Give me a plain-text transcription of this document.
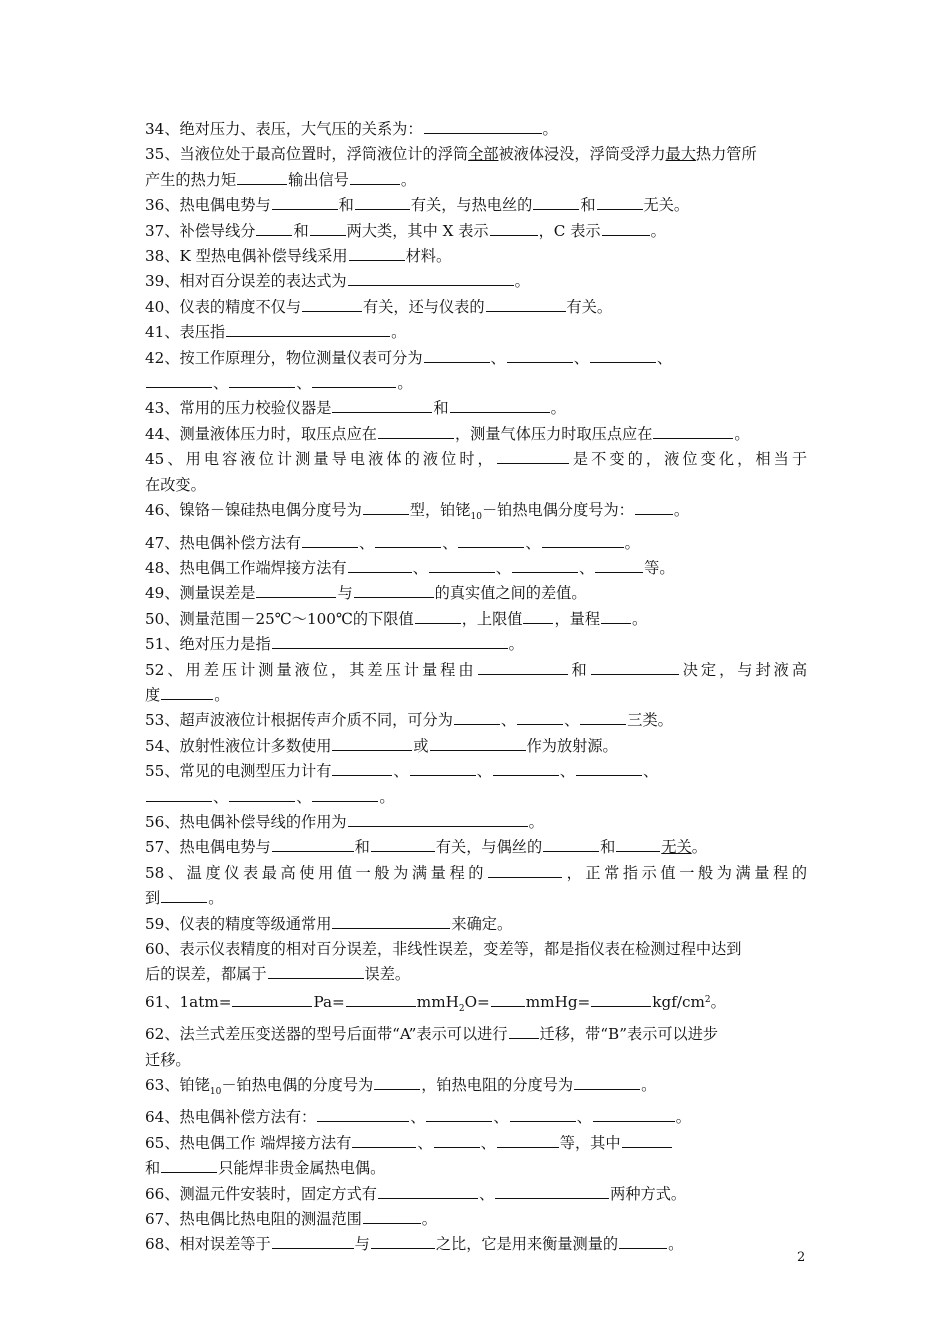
34、绝对压力、表压，大气压的关系为：	。
35、当液位处于最高位置时，浮筒液位计的浮筒全部被液体浸没，浮筒受浮力最大热力管所
产生的热力矩	输出信号	。
36、热电偶电势与	和	有关，与热电丝的	和	无关。
37、补偿导线分	和	两大类，其中 X 表示	，C 表示	。
38、K 型热电偶补偿导线采用	材料。
39、相对百分误差的表达式为	。
40、仪表的精度不仅与	有关，还与仪表的	有关。
41、表压指	。
42、按工作原理分，物位测量仪表可分为	、	、	、
、	、	。
43、常用的压力校验仪器是	和	。
44、测量液体压力时，取压点应在	，测量气体压力时取压点应在	。
45、用电容液位计测量导电液体的液位时，	是不变的，液位变化，相当于
在改变。
46、镍铬－镍硅热电偶分度号为	型，铂铑$_{10}$－铂热电偶分度号为：	。
47、热电偶补偿方法有	、	、	、	。
48、热电偶工作端焊接方法有	、	、	、	等。
49、测量误差是	与	的真实值之间的差值。
50、测量范围－25℃～100℃的下限值	，上限值 ，量程 。
51、绝对压力是指	。
52、用差压计测量液位，其差压计量程由	和	决定，与封液高
度	。
53、超声波液位计根据传声介质不同，可分为	、	、	三类。
54、放射性液位计多数使用	或	作为放射源。
55、常见的电测型压力计有	、	、	、	、
、	、	。
56、热电偶补偿导线的作用为	。
57、热电偶电势与	和	有关，与偶丝的	和	无关。
58、温度仪表最高使用值一般为满量程的	，正常指示值一般为满量程的
到	。
59、仪表的精度等级通常用	来确定。
60、表示仪表精度的相对百分误差，非线性误差，变差等，都是指仪表在检测过程中达到
后的误差，都属于	误差。
61、1atm=	Pa=	mmH$_2$O= mmHg=	kgf/$cm^2$。
62、法兰式差压变送器的型号后面带“A”表示可以进行 迁移，带“B”表示可以进步
迁移。
63、铂铑$_{10}$－铂热电偶的分度号为	，铂热电阻的分度号为	。
64、热电偶补偿方法有：	、	、	、	。
65、热电偶工作 端焊接方法有	、	、	等，其中
和	只能焊非贵金属热电偶。
66、测温元件安装时，固定方式有	、	两种方式。
67、热电偶比热电阻的测温范围	。
68、相对误差等于	与	之比，它是用来衡量测量的	。
2
